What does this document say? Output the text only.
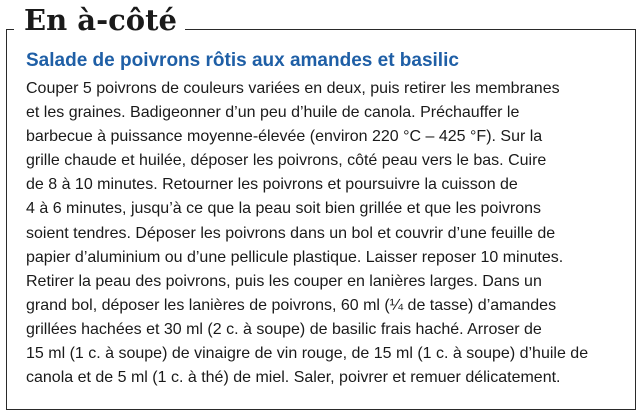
En à-côté
Salade de poivrons rôtis aux amandes et basilic

Couper 5 poivrons de couleurs variées en deux, puis retirer les membranes
et les graines. Badigeonner d’un peu d’huile de canola. Préchauffer le
barbecue à puissance moyenne-élevée (environ 220 °C – 425 °F). Sur la
grille chaude et huilée, déposer les poivrons, côté peau vers le bas. Cuire
de 8 à 10 minutes. Retourner les poivrons et poursuivre la cuisson de
4 à 6 minutes, jusqu’à ce que la peau soit bien grillée et que les poivrons
soient tendres. Déposer les poivrons dans un bol et couvrir d’une feuille de
papier d’aluminium ou d’une pellicule plastique. Laisser reposer 10 minutes.
Retirer la peau des poivrons, puis les couper en lanières larges. Dans un
grand bol, déposer les lanières de poivrons, 60 ml (¼ de tasse) d’amandes
grillées hachées et 30 ml (2 c. à soupe) de basilic frais haché. Arroser de
15 ml (1 c. à soupe) de vinaigre de vin rouge, de 15 ml (1 c. à soupe) d’huile de
canola et de 5 ml (1 c. à thé) de miel. Saler, poivrer et remuer délicatement.
